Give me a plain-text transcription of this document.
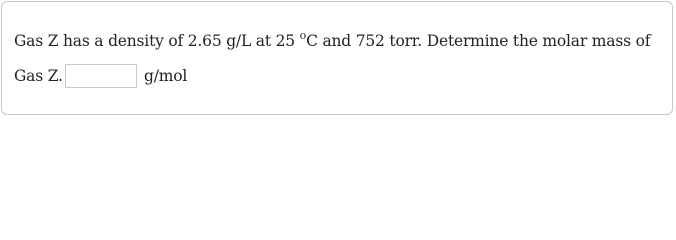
Gas Z has a density of 2.65 g/L at 25 $^o$C and 752 torr. Determine the molar mass of
Gas Z.	g/mol
